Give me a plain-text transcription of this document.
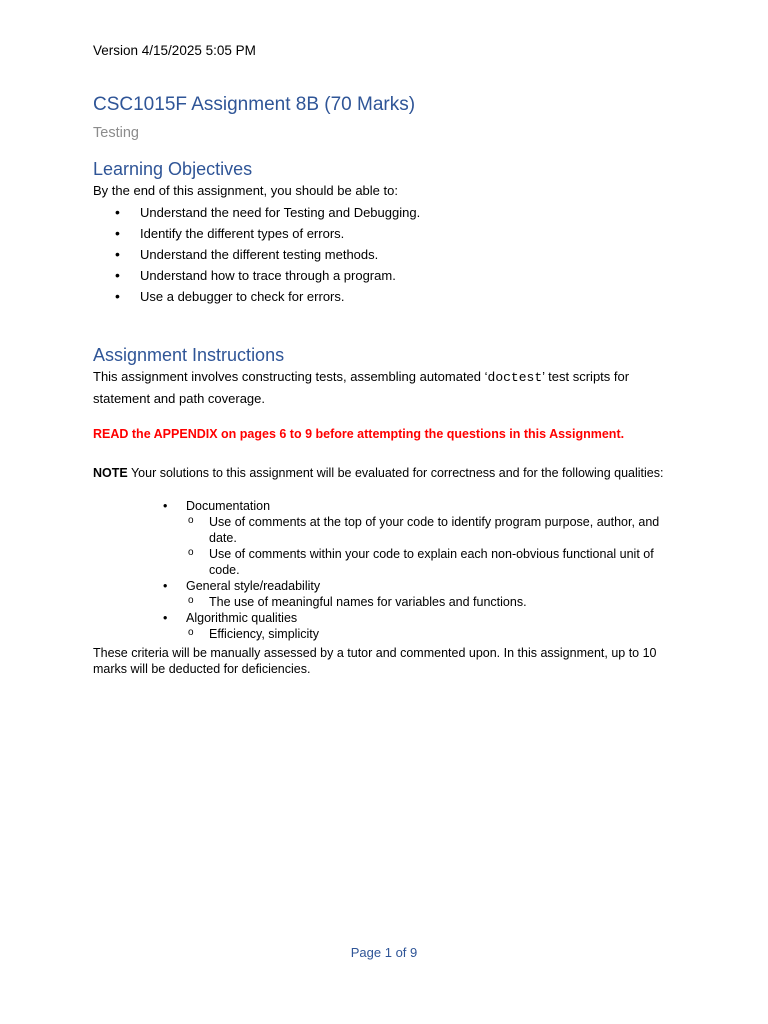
Version 4/15/2025 5:05 PM
CSC1015F Assignment 8B (70 Marks)
Testing
Learning Objectives
By the end of this assignment, you should be able to:
• Understand the need for Testing and Debugging.
• Identify the different types of errors.
• Understand the different testing methods.
• Understand how to trace through a program.
• Use a debugger to check for errors.
Assignment Instructions
This assignment involves constructing tests, assembling automated ‘doctest’ test scripts for statement and path coverage.
READ the APPENDIX on pages 6 to 9 before attempting the questions in this Assignment.
NOTE Your solutions to this assignment will be evaluated for correctness and for the following qualities:
• Documentation
o Use of comments at the top of your code to identify program purpose, author, and date.
o Use of comments within your code to explain each non-obvious functional unit of code.
• General style/readability
o The use of meaningful names for variables and functions.
• Algorithmic qualities
o Efficiency, simplicity
These criteria will be manually assessed by a tutor and commented upon. In this assignment, up to 10 marks will be deducted for deficiencies.
Page 1 of 9
